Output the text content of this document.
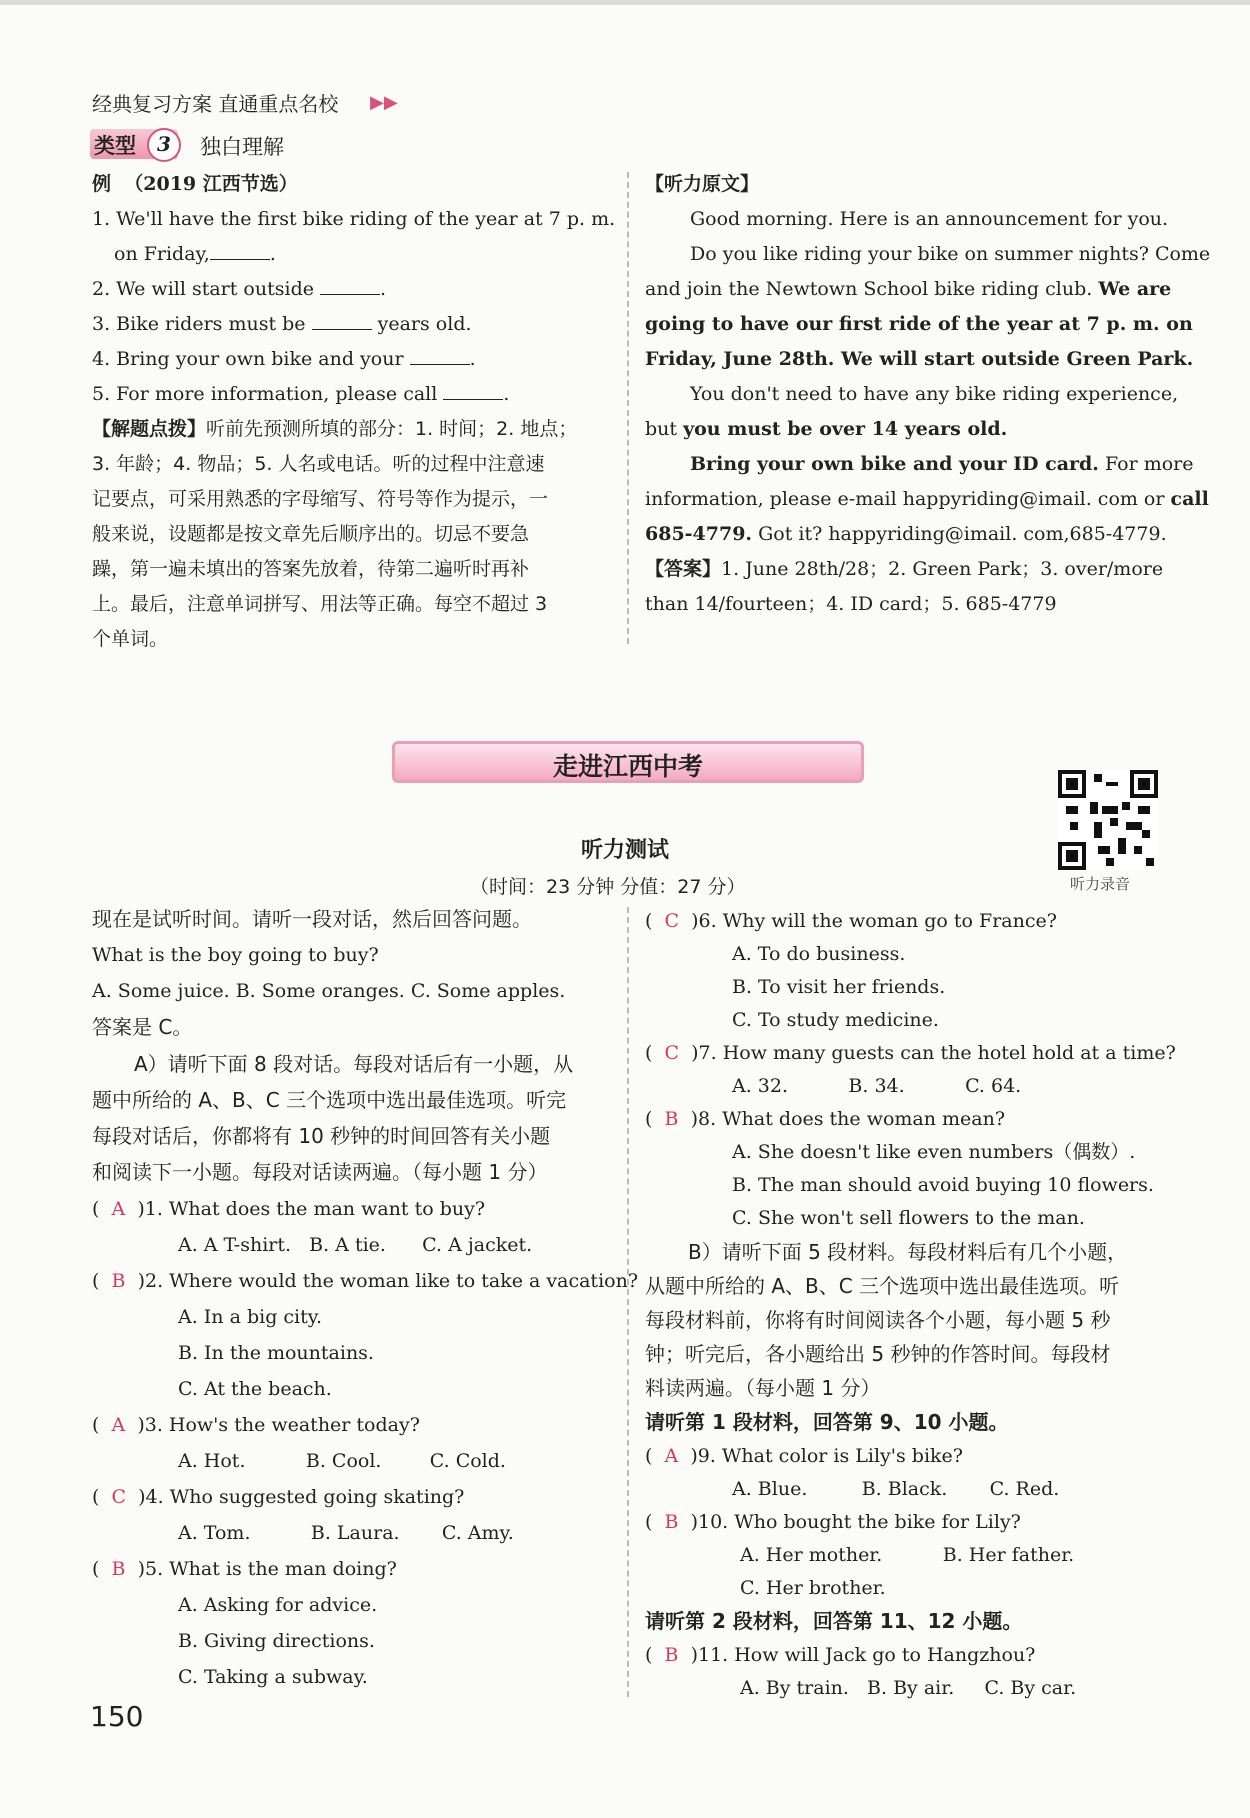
经典复习方案 直通重点名校 ▶▶
类型	3	独白理解
例 （2019 江西节选）
1. We'll have the first bike riding of the year at 7 p. m.
on Friday,	.
2. We will start outside	.
3. Bike riders must be	years old.
4. Bring your own bike and your	.
5. For more information, please call	.
【解题点拨】听前先预测所填的部分：1. 时间；2. 地点；
3. 年龄；4. 物品；5. 人名或电话。听的过程中注意速
记要点，可采用熟悉的字母缩写、符号等作为提示，一
般来说，设题都是按文章先后顺序出的。切忌不要急
躁，第一遍未填出的答案先放着，待第二遍听时再补
上。最后，注意单词拼写、用法等正确。每空不超过 3
个单词。
【听力原文】
Good morning. Here is an announcement for you.
Do you like riding your bike on summer nights? Come
and join the Newtown School bike riding club. We are
going to have our first ride of the year at 7 p. m. on
Friday, June 28th. We will start outside Green Park.
You don't need to have any bike riding experience,
but you must be over 14 years old.
Bring your own bike and your ID card. For more
information, please e-mail happyriding@imail. com or call
685-4779. Got it? happyriding@imail. com,685-4779.
【答案】1. June 28th/28；2. Green Park；3. over/more
than 14/fourteen；4. ID card；5. 685-4779
走进江西中考
听力测试
（时间：23 分钟 分值：27 分）	听力录音
现在是试听时间。请听一段对话，然后回答问题。
What is the boy going to buy?
A. Some juice. B. Some oranges. C. Some apples.
答案是 C。
A）请听下面 8 段对话。每段对话后有一小题，从
题中所给的 A、B、C 三个选项中选出最佳选项。听完
每段对话后，你都将有 10 秒钟的时间回答有关小题
和阅读下一小题。每段对话读两遍。（每小题 1 分）
(  A )1. What does the man want to buy?
A. A T-shirt.   B. A tie.      C. A jacket.
(  B )2. Where would the woman like to take a vacation?
A. In a big city.
B. In the mountains.
C. At the beach.
(  A )3. How's the weather today?
A. Hot.          B. Cool.        C. Cold.
(  C )4. Who suggested going skating?
A. Tom.          B. Laura.       C. Amy.
(  B )5. What is the man doing?
A. Asking for advice.
B. Giving directions.
C. Taking a subway.
(  C )6. Why will the woman go to France?
A. To do business.
B. To visit her friends.
C. To study medicine.
(  C )7. How many guests can the hotel hold at a time?
A. 32.          B. 34.          C. 64.
(  B )8. What does the woman mean?
A. She doesn't like even numbers（偶数）.
B. The man should avoid buying 10 flowers.
C. She won't sell flowers to the man.
B）请听下面 5 段材料。每段材料后有几个小题，
从题中所给的 A、B、C 三个选项中选出最佳选项。听
每段材料前，你将有时间阅读各个小题，每小题 5 秒
钟；听完后，各小题给出 5 秒钟的作答时间。每段材
料读两遍。（每小题 1 分）
请听第 1 段材料，回答第 9、10 小题。
(  A )9. What color is Lily's bike?
A. Blue.         B. Black.       C. Red.
(  B )10. Who bought the bike for Lily?
A. Her mother.          B. Her father.
C. Her brother.
请听第 2 段材料，回答第 11、12 小题。
(  B )11. How will Jack go to Hangzhou?
A. By train.   B. By air.     C. By car.
150
